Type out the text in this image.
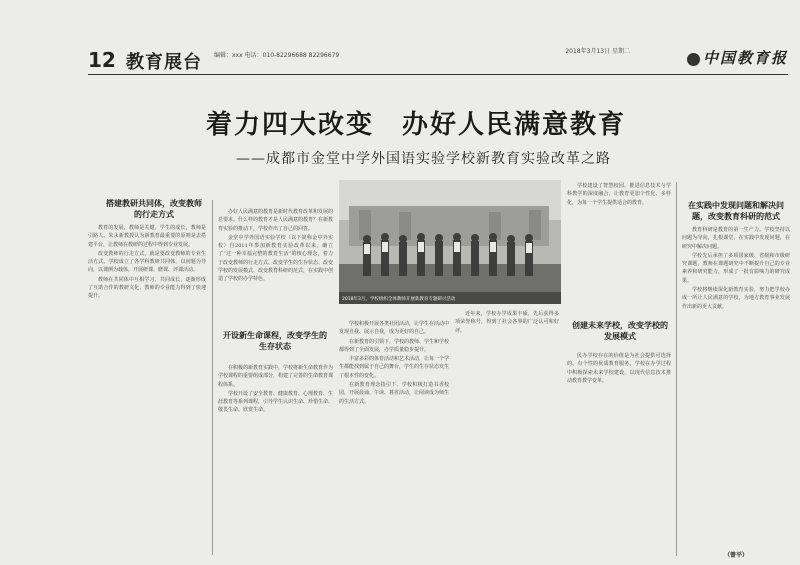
12 教育展台 编辑：xxx 电话：010-82296688 82296679
2018年3月13日 星期二	中国教育报
着力四大改变　办好人民满意教育
——成都市金堂中学外国语实验学校新教育实验改革之路
搭建教研共同体，改变教师的行走方式

教育的发展，教师是关键。学生的成长，教师是引路人。朱永新教授认为新教育最重要的原则是去搭建平台，让教师在教研的过程中得到专业发展。

改变教师的行走方式，就是要改变教师的专业生活方式。学校成立了各学科教研共同体，以问题为导向，以课例为载体，开展研课、磨课、评课活动。

教师在共同体中互相学习、共同成长，逐渐形成了互助合作的教研文化，教师的专业能力得到了快速提升。

办好人民满意的教育是新时代教育改革和发展的总要求。什么样的教育才是人民满意的教育？在新教育实验的推动下，学校作出了自己的回答。

金堂中学外国语实验学校（以下简称金中外实校）自2011年参加新教育实验改革以来，确立了“过一种幸福完整的教育生活”的核心理念，着力于改变教师的行走方式、改变学生的生存状态、改变学校的发展模式、改变教育科研的范式，在实践中创造了学校的办学特色。

开设新生命课程，改变学生的生存状态

在积极的新教育实践中，学校将新生命教育作为学校课程的重要组成部分，构建了完善的生命教育课程体系。

学校开设了安全教育、健康教育、心理教育、生涯教育等系列课程，引导学生认识生命、珍惜生命、敬畏生命、欣赏生命。

2018年3月，学校组织全体教师开展新教育专题研讨活动

学校积极开展各类社团活动，让学生在活动中发现自我、展示自我，成为更好的自己。

在新教育的引领下，学校的教师、学生和学校都得到了全面发展，办学质量稳步提升。

丰富多彩的体育活动和艺术活动，让每一个学生都能找到属于自己的舞台，学生的生存状态发生了根本性的变化。

在新教育理念指引下，学校积极打造书香校园，开展晨诵、午读、暮省活动，让阅读成为师生的生活方式。

近年来，学校办学成果丰硕，先后获得多项荣誉称号，得到了社会各界的广泛认可和好评。

学校建设了智慧校园，推进信息技术与学科教学的深度融合，让教育更加个性化、多样化，为每一个学生提供适合的教育。

创建未来学校，改变学校的发展模式

民办学校存在的价值是为社会提供可选择的、有个性的优质教育服务。学校在办学过程中积极探索未来学校建设，以现代信息技术推动教育教学变革。

在实践中发现问题和解决问题，改变教育科研的范式

教育科研是教育的第一生产力。学校坚持以问题为导向，扎根课堂，在实践中发现问题，在研究中解决问题。

学校先后承担了多项国家级、省级和市级研究课题，教师在课题研究中不断提升自己的专业素养和研究能力，形成了一批有影响力的研究成果。

学校将继续深化新教育实验，努力把学校办成一所让人民满意的学校，为地方教育事业发展作出新的更大贡献。

（曾平）
